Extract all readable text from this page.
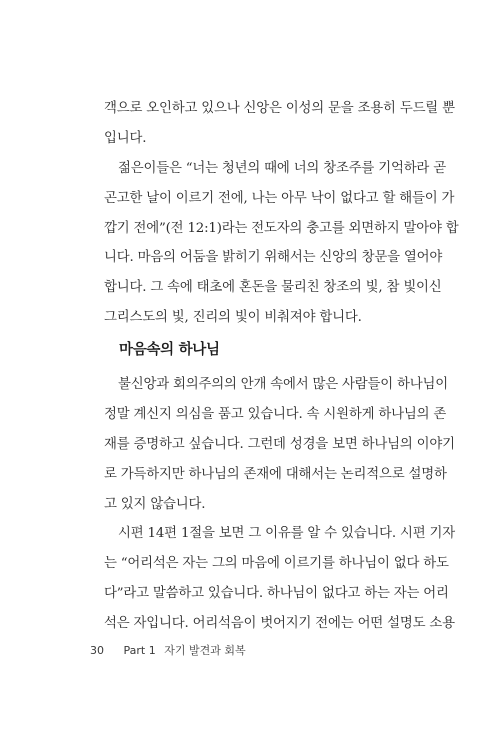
객으로 오인하고 있으나 신앙은 이성의 문을 조용히 두드릴 뿐
입니다.
젊은이들은 “너는 청년의 때에 너의 창조주를 기억하라 곧
곤고한 날이 이르기 전에, 나는 아무 낙이 없다고 할 해들이 가
깝기 전에”(전 12:1)라는 전도자의 충고를 외면하지 말아야 합
니다. 마음의 어둠을 밝히기 위해서는 신앙의 창문을 열어야
합니다. 그 속에 태초에 혼돈을 물리친 창조의 빛, 참 빛이신
그리스도의 빛, 진리의 빛이 비춰져야 합니다.
마음속의 하나님
불신앙과 회의주의의 안개 속에서 많은 사람들이 하나님이
정말 계신지 의심을 품고 있습니다. 속 시원하게 하나님의 존
재를 증명하고 싶습니다. 그런데 성경을 보면 하나님의 이야기
로 가득하지만 하나님의 존재에 대해서는 논리적으로 설명하
고 있지 않습니다.
시편 14편 1절을 보면 그 이유를 알 수 있습니다. 시편 기자
는 “어리석은 자는 그의 마음에 이르기를 하나님이 없다 하도
다”라고 말씀하고 있습니다. 하나님이 없다고 하는 자는 어리
석은 자입니다. 어리석음이 벗어지기 전에는 어떤 설명도 소용
30 Part 1 자기 발견과 회복
